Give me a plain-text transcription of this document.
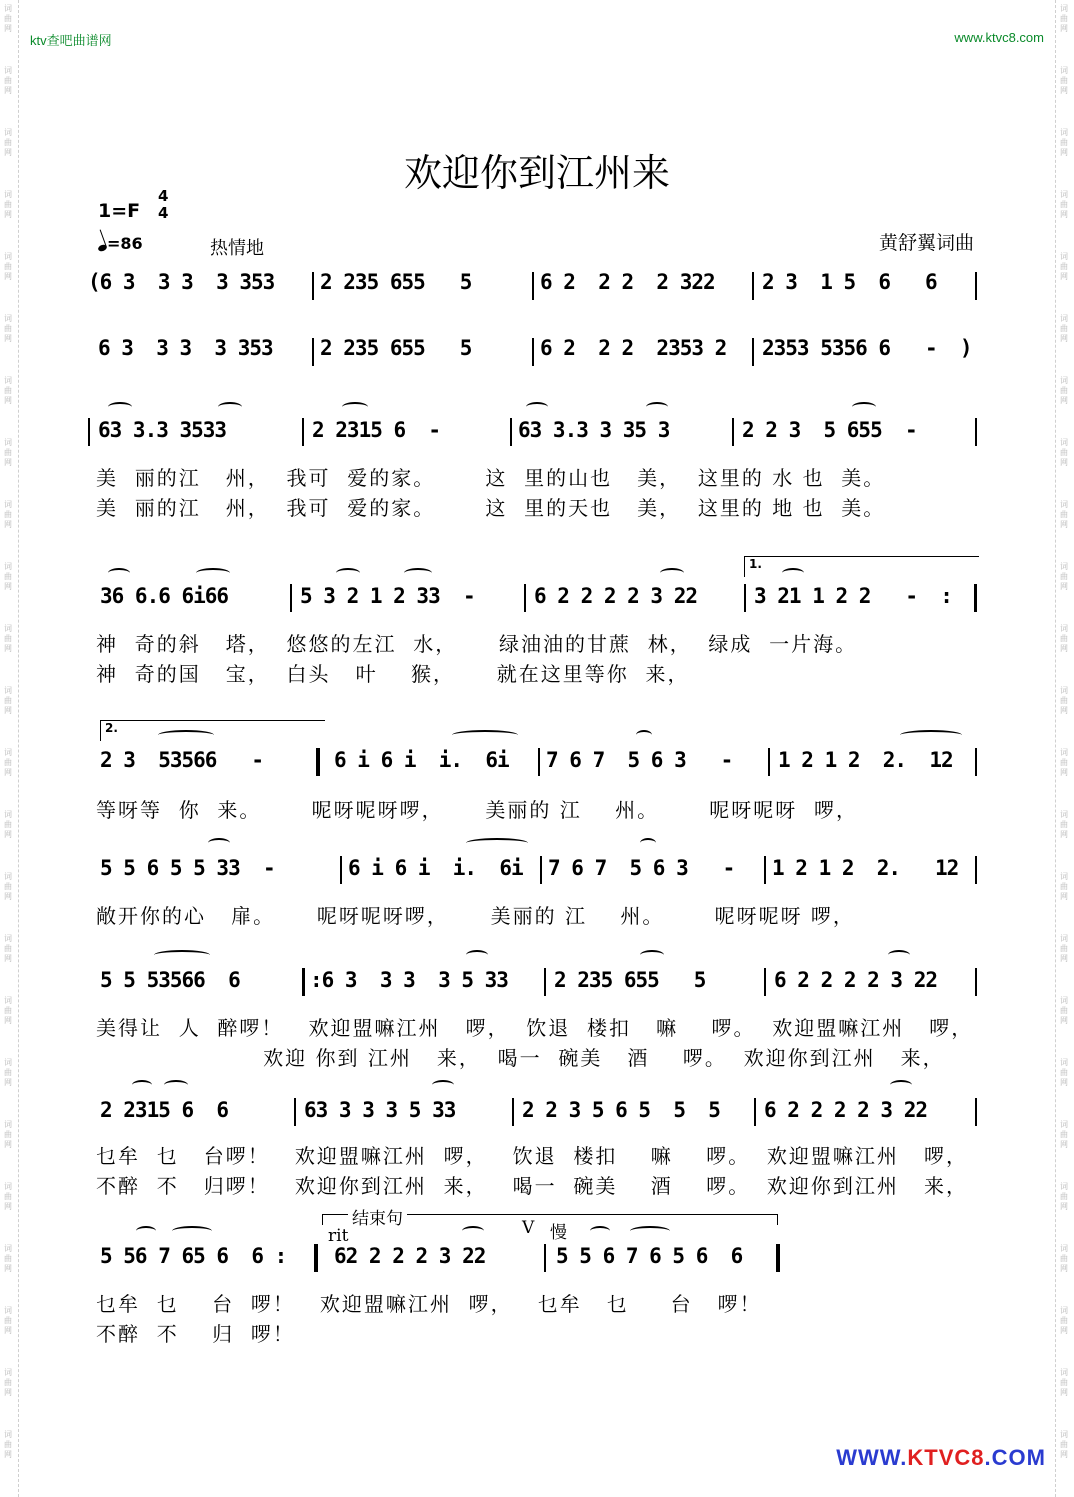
词 曲 网
词 曲 网
词 曲 网
词 曲 网
词 曲 网
词 曲 网
词 曲 网
词 曲 网
词 曲 网
词 曲 网
词 曲 网
词 曲 网
词 曲 网
词 曲 网
词 曲 网
词 曲 网
词 曲 网
词 曲 网
词 曲 网
词 曲 网
词 曲 网
词 曲 网
词 曲 网
词 曲 网
词 曲 网
词 曲 网
词 曲 网
词 曲 网
词 曲 网
词 曲 网
词 曲 网
词 曲 网
词 曲 网
词 曲 网
词 曲 网
词 曲 网
词 曲 网
词 曲 网
词 曲 网
词 曲 网
词 曲 网
词 曲 网
词 曲 网
词 曲 网
词 曲 网
词 曲 网
词 曲 网
词 曲 网
ktv查吧曲谱网	www.ktvc8.com
欢迎你到江州来
1=F
4
4
=86	热情地	黄舒翼词曲
(6 3  3 3  3 353 2 235 655   5	6 2  2 2  2 322 2 3  1 5  6   6
6 3  3 3  3 353 2 235 655   5	6 2  2 2  2353 2 2353 5356 6   -  )
63 3.3 3533	2 2315 6  -	63 3.3 3 35 3	2 2 3  5 655  -
美  丽的江   州，  我可  爱的家。      这  里的山也   美，  这里的 水 也  美。
美  丽的江   州，  我可  爱的家。      这  里的天也   美，  这里的 地 也  美。
1.
36 6.6 6i66	5 3 2 1 2 33  -	6 2 2 2 2 3 22	3 21 1 2 2   -  :
神  奇的斜   塔，  悠悠的左江  水，     绿油油的甘蔗  林，  绿成  一片海。
神  奇的国   宝，  白头   叶    猴，     就在这里等你  来，
2.
2 3  53566   -	6 i 6 i  i.  6i 7 6 7  5 6 3   - 1 2 1 2  2.  12
等呀等  你  来。      呢呀呢呀啰，     美丽的 江    州。      呢呀呢呀  啰，
5 5 6 5 5 33  -	6 i 6 i  i.  6i 7 6 7  5 6 3   - 1 2 1 2  2.   12
敞开你的心   扉。     呢呀呢呀啰，     美丽的 江    州。      呢呀呢呀 啰，
5 5 53566  6	:6 3  3 3  3 5 33 2 235 655   5	6 2 2 2 2 3 22
美得让  人  醉啰！   欢迎盟嘛江州   啰，  饮退  楼扣   嘛    啰。  欢迎盟嘛江州   啰，
欢迎 你到 江州   来，  喝一  碗美   酒    啰。  欢迎你到江州   来，
2 2315 6  6	63 3 3 3 5 33	2 2 3 5 6 5  5  5 6 2 2 2 2 3 22
乜牟  乜   台啰！   欢迎盟嘛江州  啰，   饮退  楼扣    嘛    啰。  欢迎盟嘛江州   啰，
不醉  不   归啰！   欢迎你到江州  来，   喝一  碗美    酒    啰。  欢迎你到江州   来，
结束句
rit	V 慢
5 56 7 65 6  6 : 62 2 2 2 3 22	5 5 6 7 6 5 6  6
乜牟  乜    台  啰！   欢迎盟嘛江州  啰，   乜牟   乜     台   啰！
不醉  不    归  啰！
WWW.KTVC8.COM
